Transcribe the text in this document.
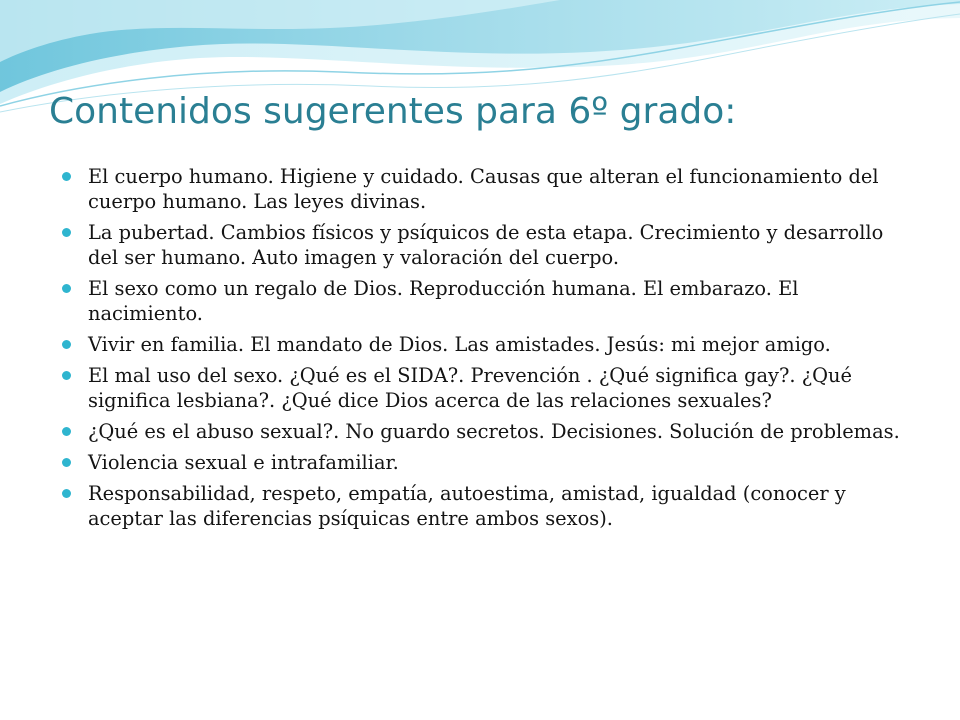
Contenidos sugerentes para 6º grado:
El cuerpo humano. Higiene y cuidado. Causas que alteran el funcionamiento del cuerpo humano. Las leyes divinas.
La pubertad. Cambios físicos y psíquicos de esta etapa. Crecimiento y desarrollo del ser humano. Auto imagen y valoración del cuerpo.
El sexo como un regalo de Dios. Reproducción humana. El embarazo. El nacimiento.
Vivir en familia. El mandato de Dios. Las amistades. Jesús: mi mejor amigo.
El mal uso del sexo. ¿Qué es el SIDA?. Prevención . ¿Qué significa gay?. ¿Qué significa lesbiana?. ¿Qué dice Dios acerca de las relaciones sexuales?
¿Qué es el abuso sexual?. No guardo secretos. Decisiones. Solución de problemas.
Violencia sexual e intrafamiliar.
Responsabilidad, respeto, empatía, autoestima, amistad, igualdad (conocer y aceptar las diferencias psíquicas entre ambos sexos).
